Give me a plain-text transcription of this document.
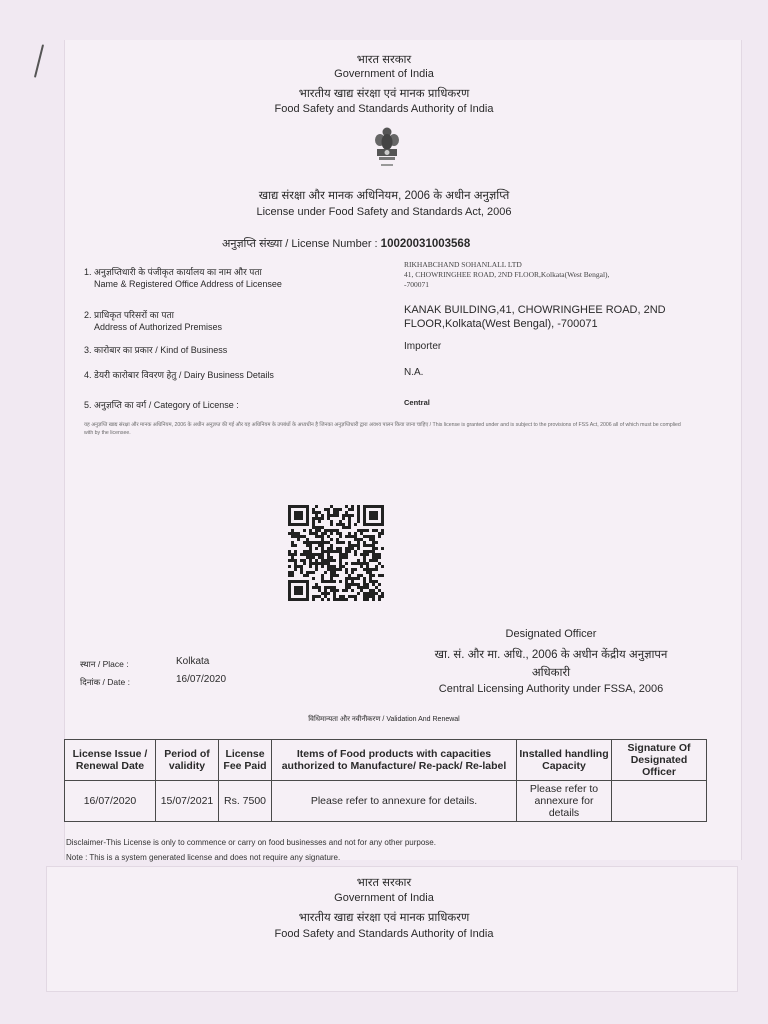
भारत सरकार
Government of India
भारतीय खाद्य संरक्षा एवं मानक प्राधिकरण
Food Safety and Standards Authority of India
खाद्य संरक्षा और मानक अधिनियम, 2006 के अधीन अनुज्ञप्ति
License under Food Safety and Standards Act, 2006
अनुज्ञप्ति संख्या / License Number : 10020031003568
1. अनुज्ञप्तिधारी के पंजीकृत कार्यालय का नाम और पता
Name & Registered Office Address of Licensee
RIKHABCHAND SOHANLALL LTD
41, CHOWRINGHEE ROAD, 2ND FLOOR,Kolkata(West Bengal),
-700071
2. प्राधिकृत परिसरों का पता
Address of Authorized Premises
KANAK BUILDING,41, CHOWRINGHEE ROAD, 2ND
FLOOR,Kolkata(West Bengal), -700071
3. कारोबार का प्रकार / Kind of Business	Importer
4. डेयरी कारोबार विवरण हेतु / Dairy Business Details	N.A.
5. अनुज्ञप्ति का वर्ग / Category of License :	Central
यह अनुज्ञप्ति खाद्य संरक्षा और मानक अधिनियम, 2006 के अधीन अनुज्ञप्त की गई और यह अधिनियम के उपबंधों के अध्यधीन है जिनका अनुज्ञप्तिधारी द्वारा अवश्य पालन किया जाना चाहिए / This license is granted under and is subject to the provisions of FSS Act, 2006 all of which must be complied with by the licensee.
स्थान / Place :	Kolkata
दिनांक / Date :	16/07/2020
Designated Officer
खा. सं. और मा. अधि., 2006 के अधीन केंद्रीय अनुज्ञापन
अधिकारी
Central Licensing Authority under FSSA, 2006
विधिमान्यता और नवीनीकरण / Validation And Renewal
License Issue / Renewal Date	Period of validity	License Fee Paid	Items of Food products with capacities authorized to Manufacture/ Re-pack/ Re-label	Installed handling Capacity	Signature Of Designated Officer
16/07/2020	15/07/2021	Rs. 7500	Please refer to annexure for details.	Please refer to annexure for details	
Disclaimer-This License is only to commence or carry on food businesses and not for any other purpose.
Note : This is a system generated license and does not require any signature.
भारत सरकार
Government of India
भारतीय खाद्य संरक्षा एवं मानक प्राधिकरण
Food Safety and Standards Authority of India
